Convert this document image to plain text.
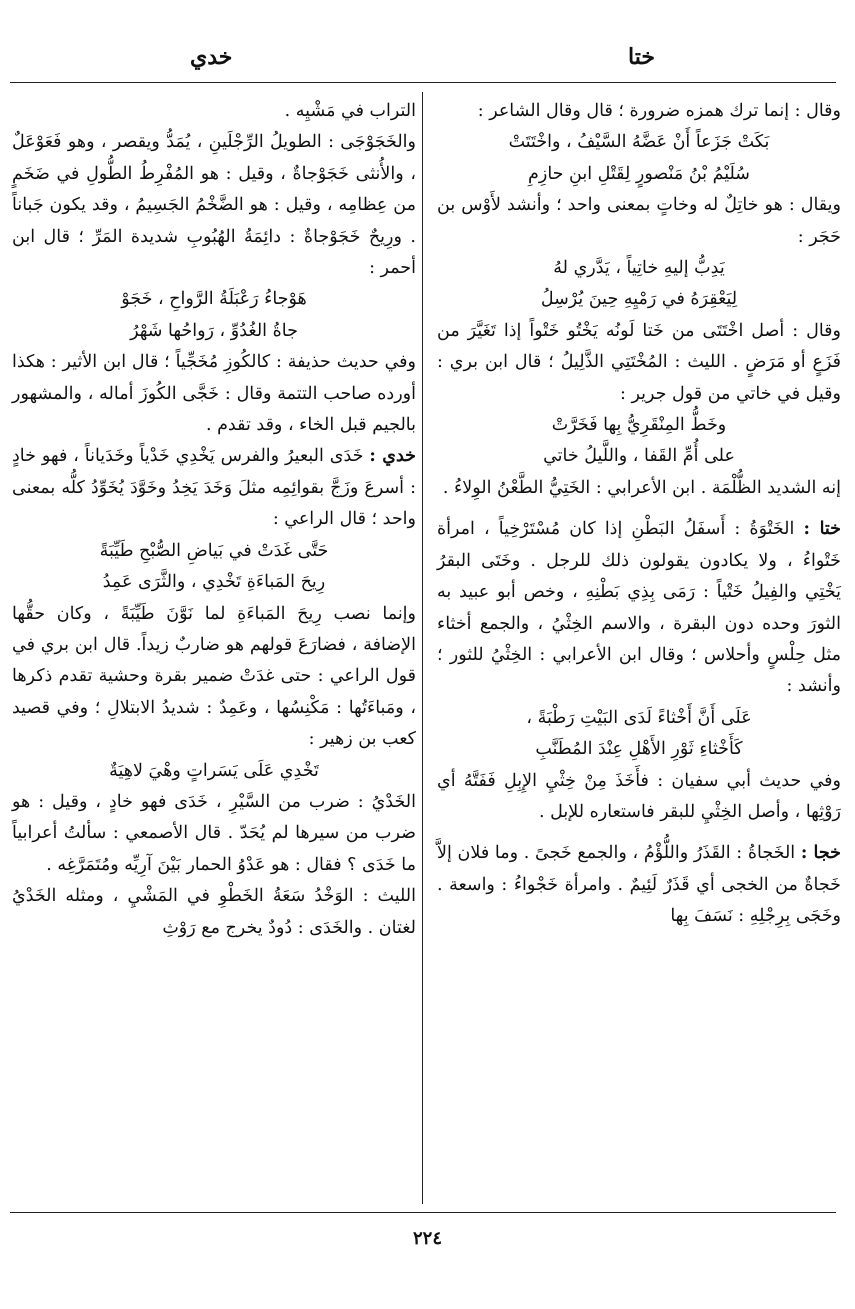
ختا
خدي

وقال : إنما ترك همزه ضرورة ؛ قال وقال الشاعر :

بَكَتْ جَزَعاً أَنْ عَضَّهُ السَّيْفُ ، واخْتَتَتْ

سُلَيْمُ بْنُ مَنْصورٍ لِقَتْلِ ابنِ حازِمِ

ويقال : هو خاتِلٌ له وخاتٍ بمعنى واحد ؛ وأنشد لأَوْس بن حَجَر :

يَدِبُّ إليهِ خاتِياً ، يَدَّري لهُ

لِيَعْقِرَهُ في رَمْيِهِ حِينَ يُرْسِلُ

وقال : أصل اخْتَتَى من خَتا لَونُه يَخْتُو خَتْواً إذا تَغَيَّرَ من فَزَعٍ أو مَرَضٍ . الليث : المُخْتَتِي الذَّلِيلُ ؛ قال ابن بري : وقيل في خاتي من قول جرير :

وخَطُّ المِنْقَرِيُّ بِها فَخَرَّتْ

على أُمِّ القَفا ، واللَّيلُ خاتي

إنه الشديد الظُّلْمَة . ابن الأعرابي : الخَتِيُّ الطَّعْنُ الوِلاءُ .

ختا : الخَتْوَةُ : أَسفَلُ البَطْنِ إذا كان مُسْتَرْخِياً ، امرأة خَتْواءُ ، ولا يكادون يقولون ذلك للرجل . وخَتَى البقرُ يَخْتِي والفِيلُ خَتْياً : رَمَى بِذِي بَطْنِهِ ، وخص أبو عبيد به الثورَ وحده دون البقرة ، والاسم الخِثْيُ ، والجمع أخثاء مثل حِلْسٍ وأحلاس ؛ وقال ابن الأعرابي : الخِثْيُ للثور ؛ وأنشد :

عَلَى أَنَّ أَخْثاءً لَدَى البَيْتِ رَطْبَةً ،

كَأَخْثاءِ ثَوْرِ الأَهْلِ عِنْدَ المُطَنَّبِ

وفي حديث أبي سفيان : فأَخَذَ مِنْ خِثْيِ الإِبِلِ فَفَتَّهُ أي رَوْثِها ، وأصل الخِثْيِ للبقر فاستعاره للإبل .

خجا : الخَجاةُ : القَذَرُ واللُّؤْمُ ، والجمع خَجىً . وما فلان إلاَّ خَجاةٌ من الخجى أي قَذَرٌ لَئِيمٌ . وامرأة خَجْواءُ : واسعة . وخَجَى بِرِجْلِهِ : نَسَفَ بِها

التراب في مَشْيِه .

والخَجَوْجَى : الطويلُ الرِّجْلَينِ ، يُمَدُّ ويقصر ، وهو فَعَوْعَلٌ ، والأُنثى خَجَوْجاةٌ ، وقيل : هو المُفْرِطُ الطُّولِ في ضَخَمٍ من عِظامِه ، وقيل : هو الضَّخْمُ الجَسِيمُ ، وقد يكون جَباناً . ورِيحٌ خَجَوْجاةٌ : دائِمَةُ الهُبُوبِ شديدة المَرِّ ؛ قال ابن أحمر :

هَوْجاءُ رَعْبَلَةُ الرَّواحِ ، خَجَوْ

جاةُ الغُدُوِّ ، رَواحُها شَهْرُ

وفي حديث حذيفة : كالكُوزِ مُخَجِّياً ؛ قال ابن الأثير : هكذا أورده صاحب التتمة وقال : خَجَّى الكُوزَ أماله ، والمشهور بالجيم قبل الخاء ، وقد تقدم .

خدي : خَدَى البعيرُ والفرس يَخْدِي خَدْياً وخَدَياناً ، فهو خادٍ : أسرعَ وزَجَّ بقوائِمِه مثلَ وَخَدَ يَخِدُ وخَوَّدَ يُخَوِّدُ كلُّه بمعنى واحد ؛ قال الراعي :

حَتَّى غَدَتْ في بَياضِ الصُّبْحِ طَيِّبَةً

رِيحَ المَباءَةِ تَخْدِي ، والثَّرَى عَمِدُ

وإنما نصب رِيحَ المَباءَةِ لما نَوَّنَ طَيِّبَةً ، وكان حقُّها الإضافة ، فضارَعَ قولهم هو ضاربٌ زيداً. قال ابن بري في قول الراعي : حتى غدَتْ ضمير بقرة وحشية تقدم ذكرها ، ومَباءَتُها : مَكْنِسُها ، وعَمِدٌ : شديدُ الابتلالِ ؛ وفي قصيد كعب بن زهير :

تَخْدِي عَلَى يَسَراتٍ وهْيَ لاهِيَةٌ

الخَدْيُ : ضرب من السَّيْرِ ، خَدَى فهو خادٍ ، وقيل : هو ضرب من سيرها لم يُحَدّ . قال الأصمعي : سألتُ أعرابياً ما خَدَى ؟ فقال : هو عَدْوُ الحمار بَيْنَ آرِيِّه ومُتَمَرَّغِه .

الليث : الوَخْدُ سَعَةُ الخَطْوِ في المَشْيِ ، ومثله الخَدْيُ لغتان . والخَدَى : دُودٌ يخرج مع رَوْثِ

٢٢٤
